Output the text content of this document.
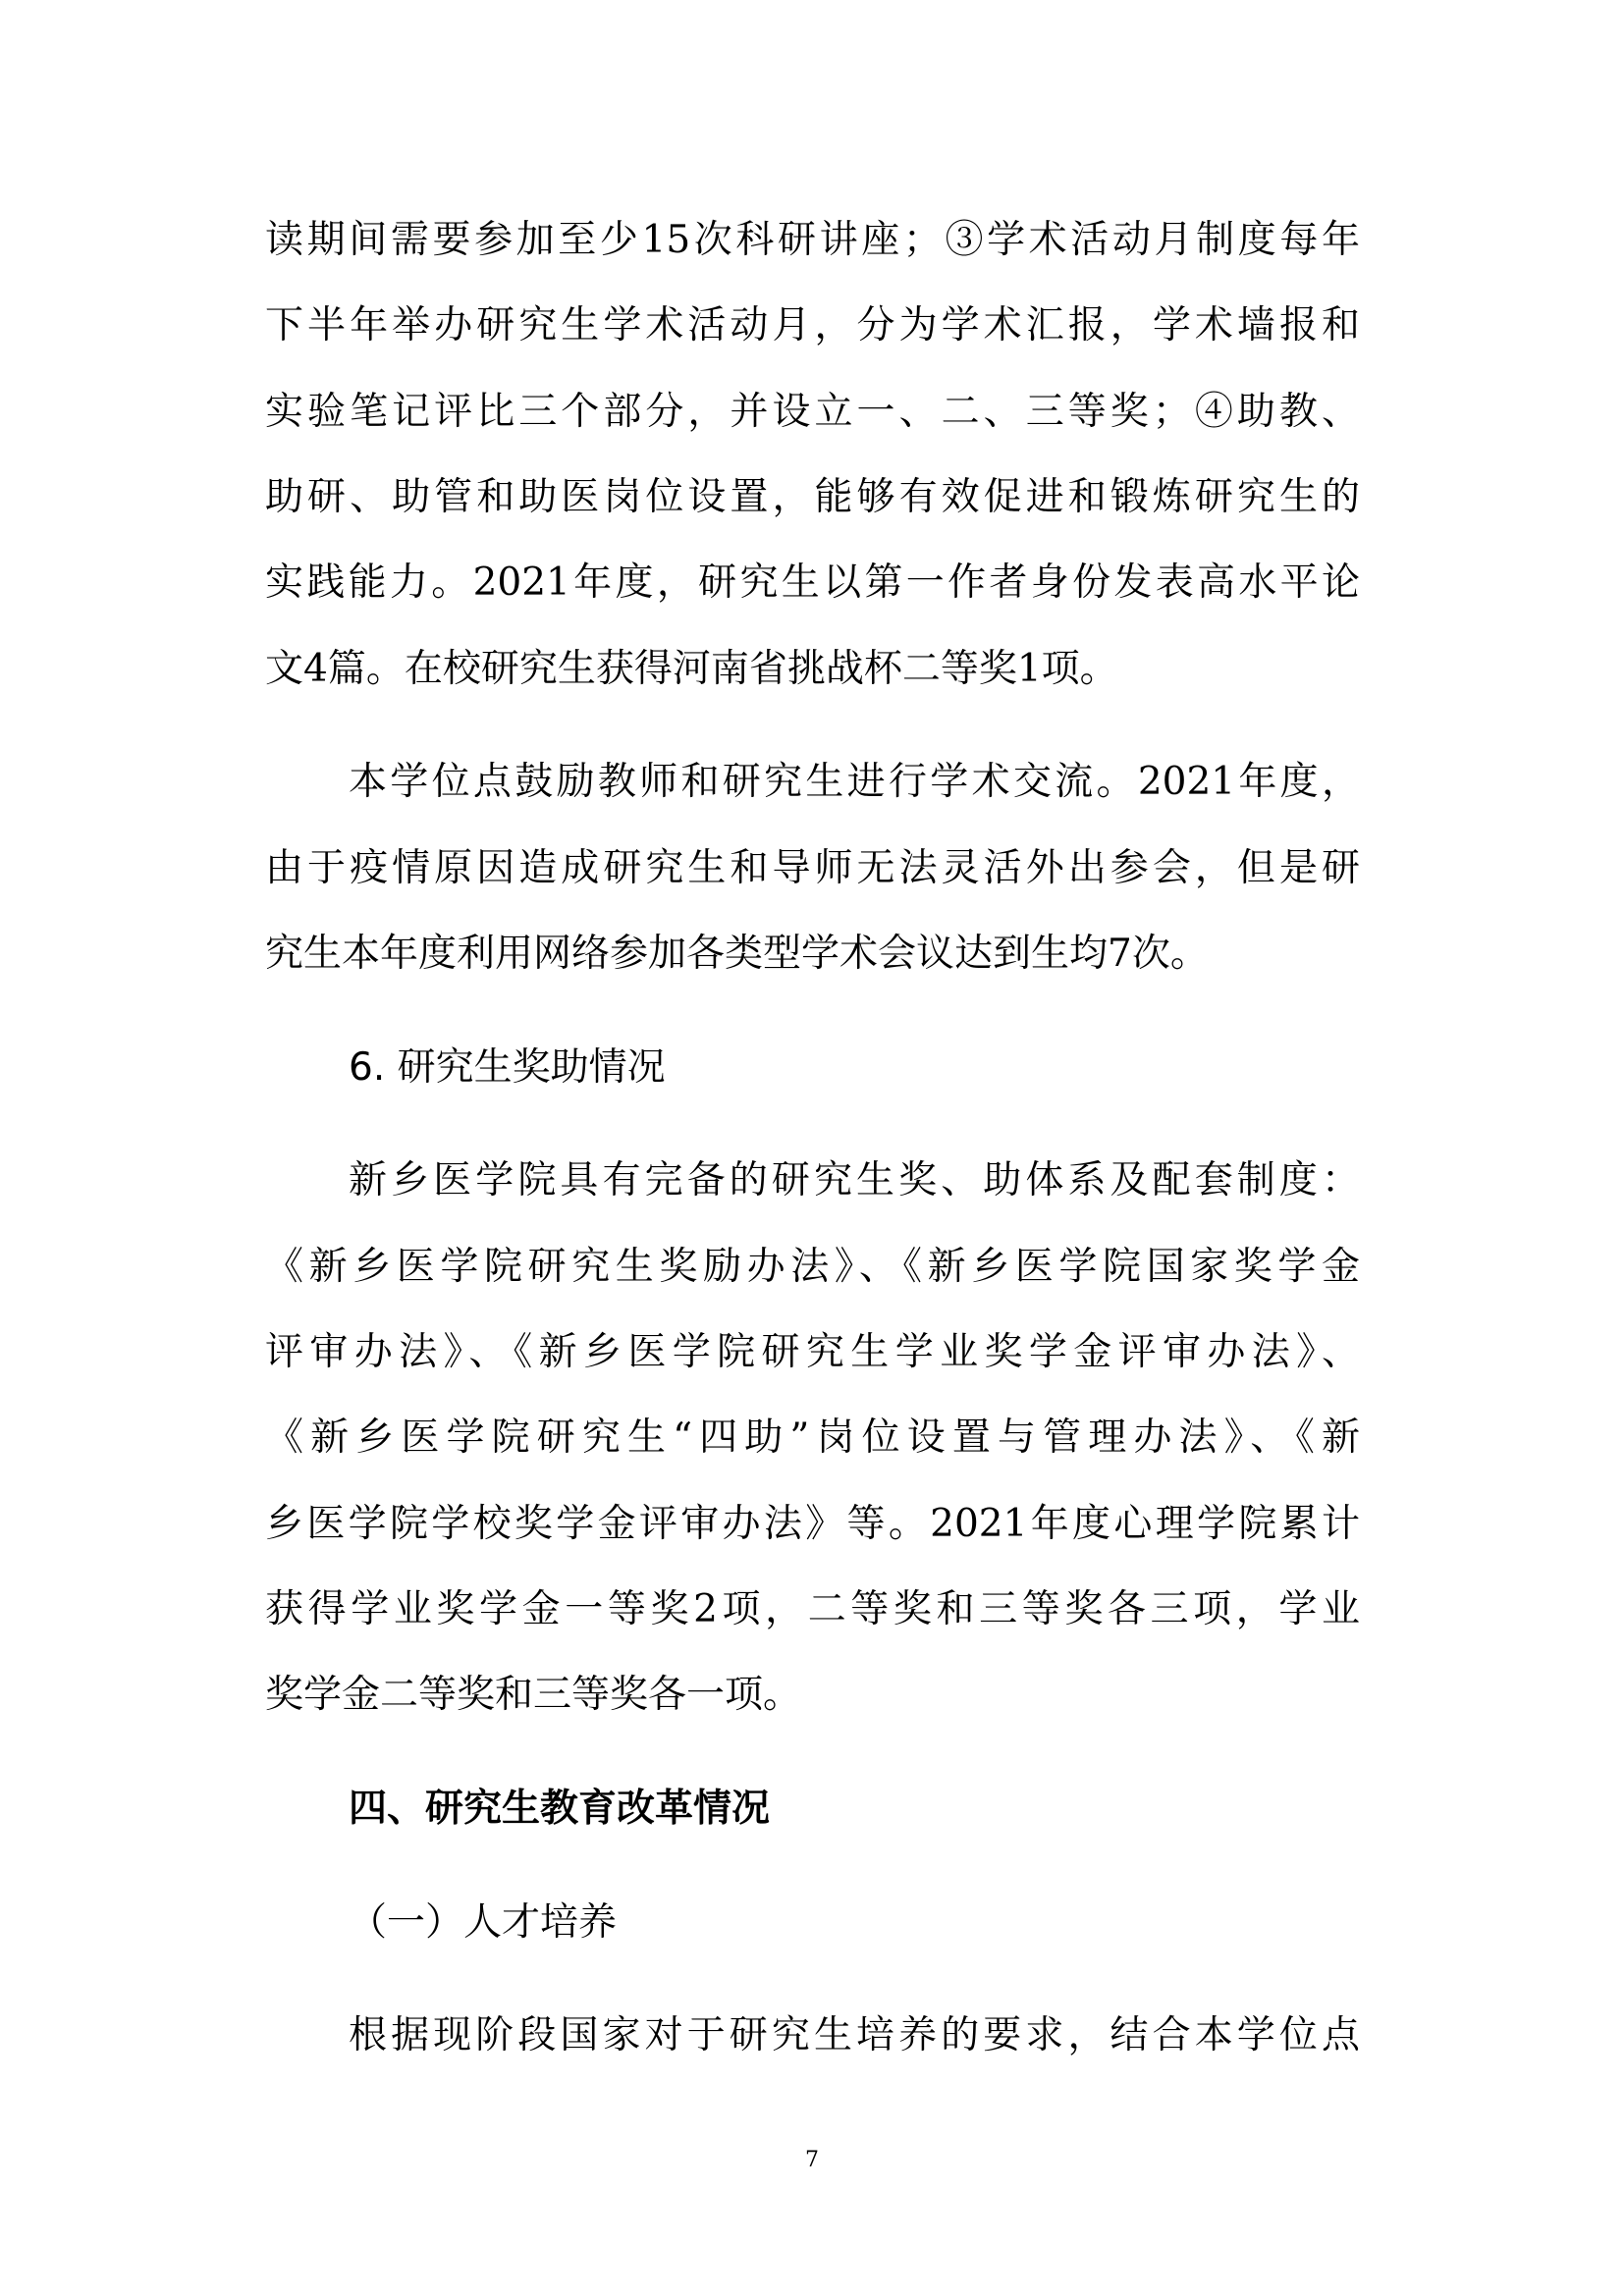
读期间需要参加至少15次科研讲座；③学术活动月制度每年
下半年举办研究生学术活动月，分为学术汇报，学术墙报和
实验笔记评比三个部分，并设立一、二、三等奖；④助教、
助研、助管和助医岗位设置，能够有效促进和锻炼研究生的
实践能力。2021年度，研究生以第一作者身份发表高水平论
文4篇。在校研究生获得河南省挑战杯二等奖1项。
本学位点鼓励教师和研究生进行学术交流。2021年度，
由于疫情原因造成研究生和导师无法灵活外出参会，但是研
究生本年度利用网络参加各类型学术会议达到生均7次。
6. 研究生奖助情况
新乡医学院具有完备的研究生奖、助体系及配套制度：
《新乡医学院研究生奖励办法》、《新乡医学院国家奖学金
评审办法》、《新乡医学院研究生学业奖学金评审办法》、
《新乡医学院研究生“四助”岗位设置与管理办法》、《新
乡医学院学校奖学金评审办法》等。2021年度心理学院累计
获得学业奖学金一等奖2项，二等奖和三等奖各三项，学业
奖学金二等奖和三等奖各一项。
四、研究生教育改革情况
（一）人才培养
根据现阶段国家对于研究生培养的要求，结合本学位点
7
